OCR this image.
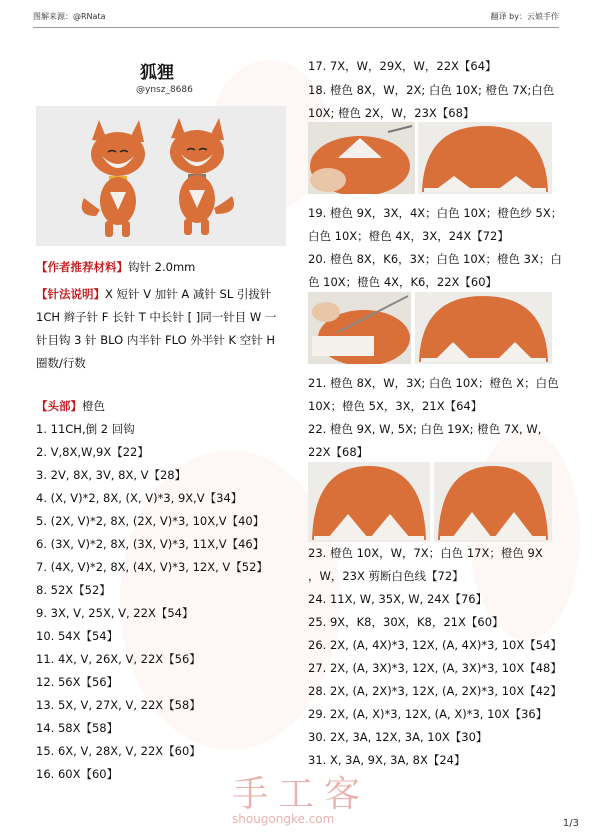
图解来源：@RNata	翻译 by：云娘手作
狐狸
@ynsz_8686
【作者推荐材料】钩针 2.0mm
【针法说明】X 短针 V 加针 A 减针 SL 引拔针
1CH 辫子针 F 长针 T 中长针 [ ]同一针目 W 一
针目钩 3 针 BLO 内半针 FLO 外半针 K 空针 H
圈数/行数
【头部】橙色
1. 11CH,倒 2 回钩
2. V,8X,W,9X【22】
3. 2V, 8X, 3V, 8X, V【28】
4. (X, V)*2, 8X, (X, V)*3, 9X,V【34】
5. (2X, V)*2, 8X, (2X, V)*3, 10X,V【40】
6. (3X, V)*2, 8X, (3X, V)*3, 11X,V【46】
7. (4X, V)*2, 8X, (4X, V)*3, 12X, V【52】
8. 52X【52】
9. 3X, V, 25X, V, 22X【54】
10. 54X【54】
11. 4X, V, 26X, V, 22X【56】
12. 56X【56】
13. 5X, V, 27X, V, 22X【58】
14. 58X【58】
15. 6X, V, 28X, V, 22X【60】
16. 60X【60】
17. 7X，W，29X，W，22X【64】
18. 橙色 8X，W，2X; 白色 10X; 橙色 7X;白色
10X; 橙色 2X，W，23X【68】
19. 橙色 9X，3X，4X；白色 10X；橙色纱 5X；
白色 10X；橙色 4X，3X，24X【72】
20. 橙色 8X，K6，3X；白色 10X；橙色 3X；白
色 10X；橙色 4X，K6，22X【60】
21. 橙色 8X，W，3X; 白色 10X；橙色 X；白色
10X；橙色 5X，3X，21X【64】
22. 橙色 9X, W, 5X; 白色 19X; 橙色 7X, W,
22X【68】
23. 橙色 10X，W，7X；白色 17X；橙色 9X
，W，23X 剪断白色线【72】
24. 11X, W, 35X, W, 24X【76】
25. 9X，K8，30X，K8，21X【60】
26. 2X, (A, 4X)*3, 12X, (A, 4X)*3, 10X【54】
27. 2X, (A, 3X)*3, 12X, (A, 3X)*3, 10X【48】
28. 2X, (A, 2X)*3, 12X, (A, 2X)*3, 10X【42】
29. 2X, (A, X)*3, 12X, (A, X)*3, 10X【36】
30. 2X, 3A, 12X, 3A, 10X【30】
31. X, 3A, 9X, 3A, 8X【24】
手工客
shougongke.com	1/3
